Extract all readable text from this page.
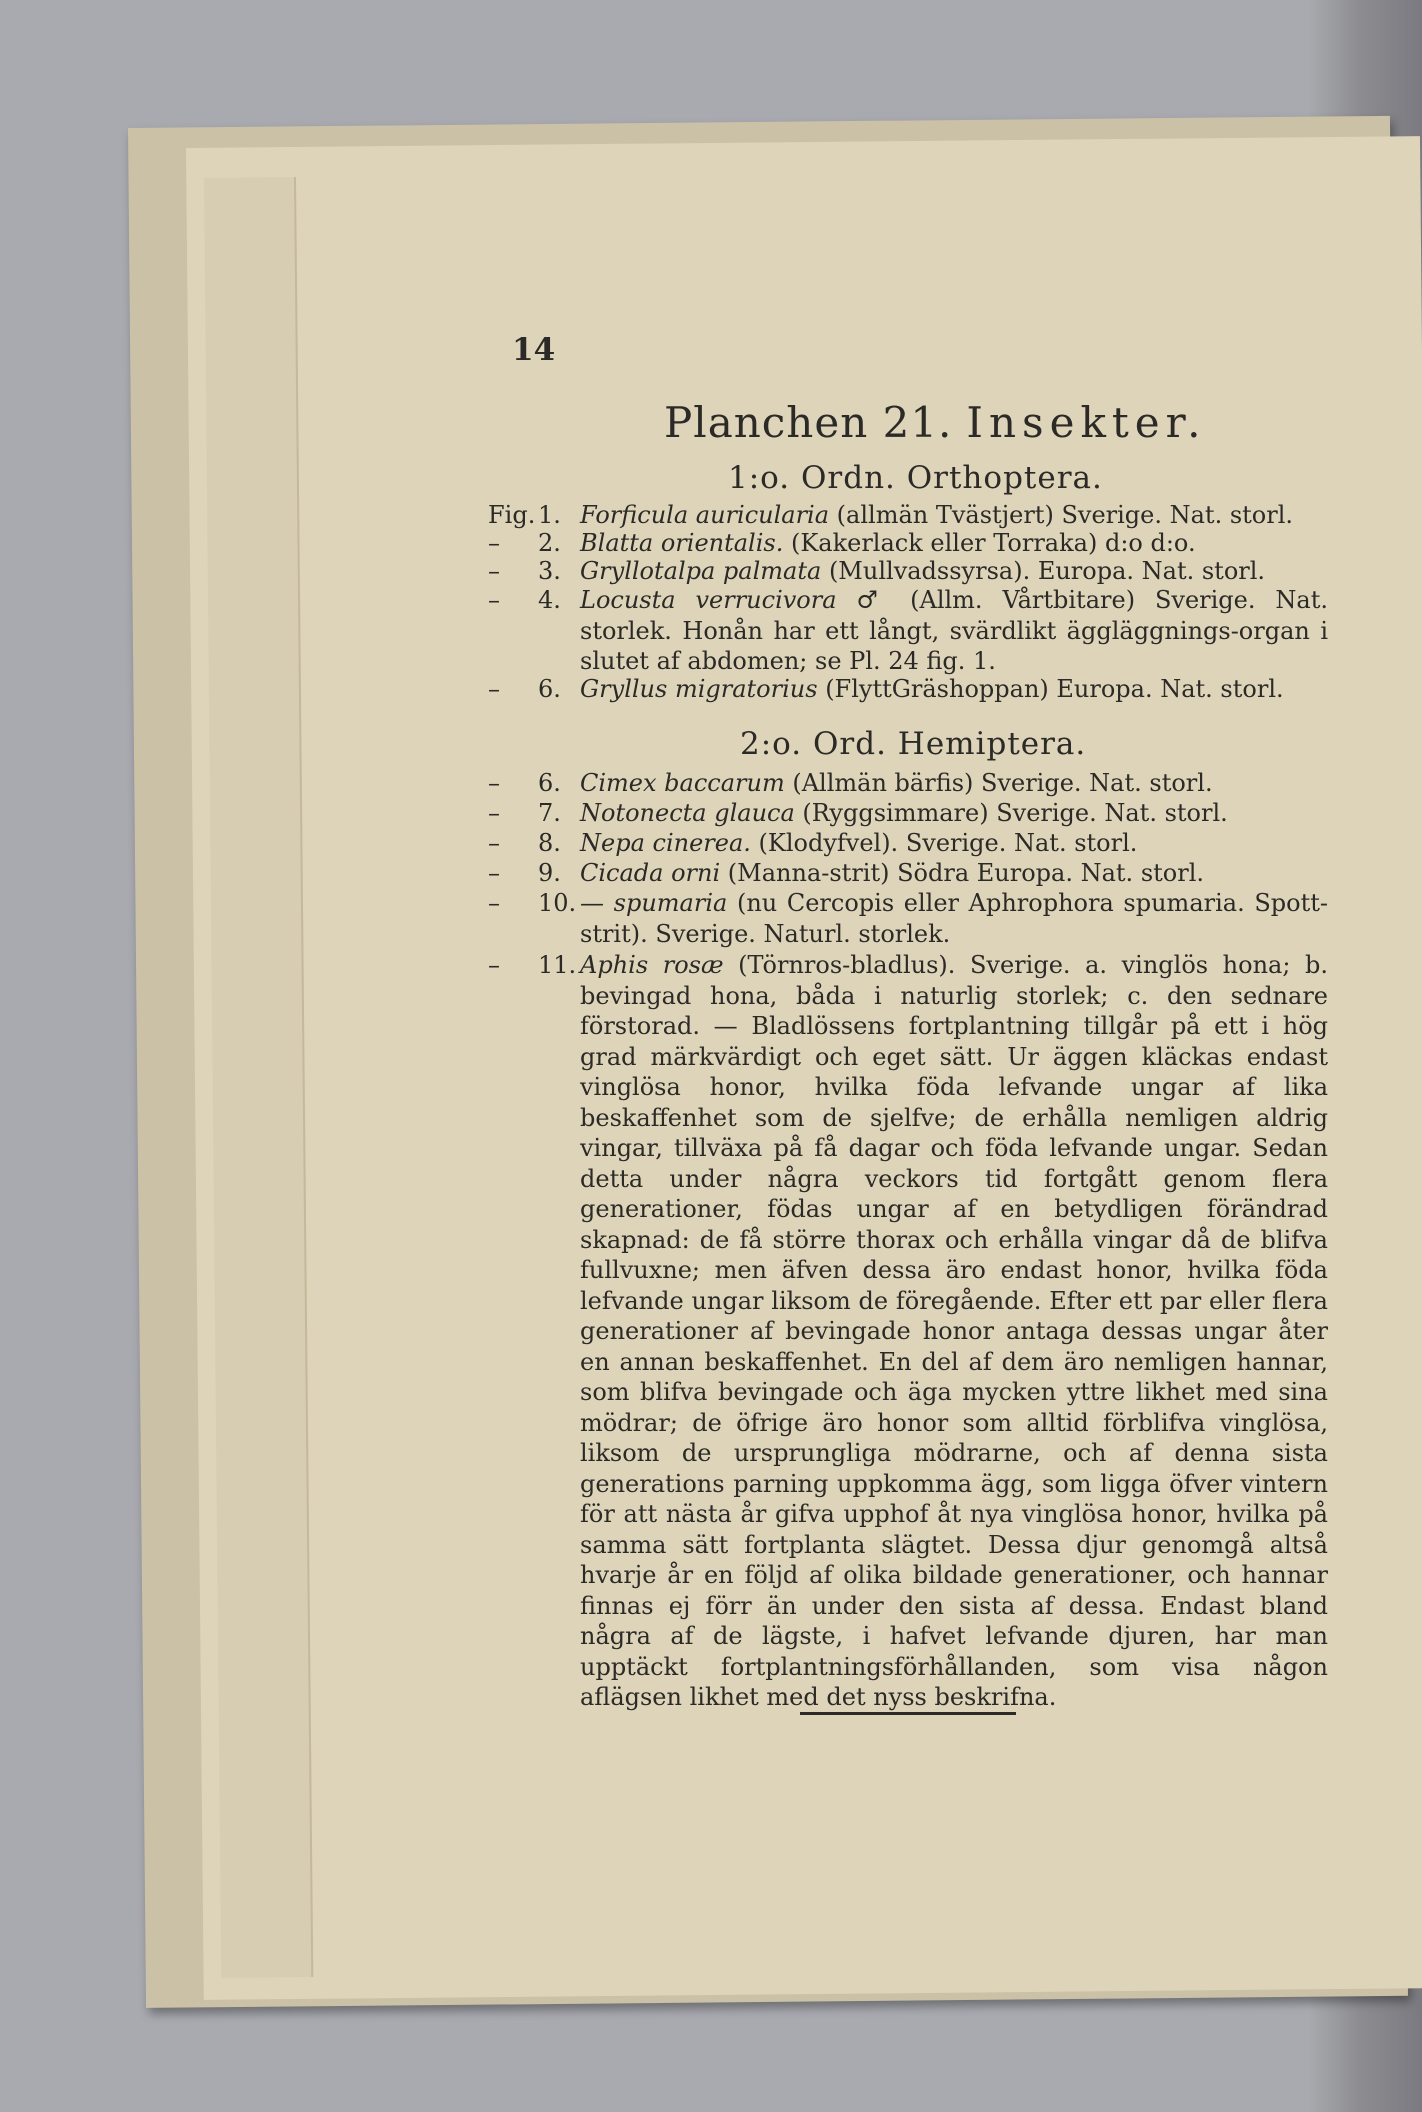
14
Planchen 21. Insekter.
1:o. Ordn. Orthoptera.
Fig. 1. Forficula auricularia (allmän Tvästjert) Sverige. Nat. storl.
– 2. Blatta orientalis. (Kakerlack eller Torraka) d:o d:o.
– 3. Gryllotalpa palmata (Mullvadssyrsa). Europa. Nat. storl.
– 4. Locusta verrucivora ♂ (Allm. Vårtbitare) Sverige. Nat. storlek. Honån har ett långt, svärdlikt äggläggnings-organ i slutet af abdomen; se Pl. 24 fig. 1.
– 6. Gryllus migratorius (FlyttGräshoppan) Europa. Nat. storl.
2:o. Ord. Hemiptera.
– 6. Cimex baccarum (Allmän bärfis) Sverige. Nat. storl.
– 7. Notonecta glauca (Ryggsimmare) Sverige. Nat. storl.
– 8. Nepa cinerea. (Klodyfvel). Sverige. Nat. storl.
– 9. Cicada orni (Manna-strit) Södra Europa. Nat. storl.
– 10. — spumaria (nu Cercopis eller Aphrophora spumaria. Spott-strit). Sverige. Naturl. storlek.
– 11. Aphis rosæ (Törnros-bladlus). Sverige. a. vinglös hona; b. bevingad hona, båda i naturlig storlek; c. den sednare förstorad. — Bladlössens fortplantning tillgår på ett i hög grad märkvärdigt och eget sätt. Ur äggen kläckas endast vinglösa honor, hvilka föda lefvande ungar af lika beskaffenhet som de sjelfve; de erhålla nemligen aldrig vingar, tillväxa på få dagar och föda lefvande ungar. Sedan detta under några veckors tid fortgått genom flera generationer, födas ungar af en betydligen förändrad skapnad: de få större thorax och erhålla vingar då de blifva fullvuxne; men äfven dessa äro endast honor, hvilka föda lefvande ungar liksom de föregående. Efter ett par eller flera generationer af bevingade honor antaga dessas ungar åter en annan beskaffenhet. En del af dem äro nemligen hannar, som blifva bevingade och äga mycken yttre likhet med sina mödrar; de öfrige äro honor som alltid förblifva vinglösa, liksom de ursprungliga mödrarne, och af denna sista generations parning uppkomma ägg, som ligga öfver vintern för att nästa år gifva upphof åt nya vinglösa honor, hvilka på samma sätt fortplanta slägtet. Dessa djur genomgå altså hvarje år en följd af olika bildade generationer, och hannar finnas ej förr än under den sista af dessa. Endast bland några af de lägste, i hafvet lefvande djuren, har man upptäckt fortplantningsförhållanden, som visa någon aflägsen likhet med det nyss beskrifna.
